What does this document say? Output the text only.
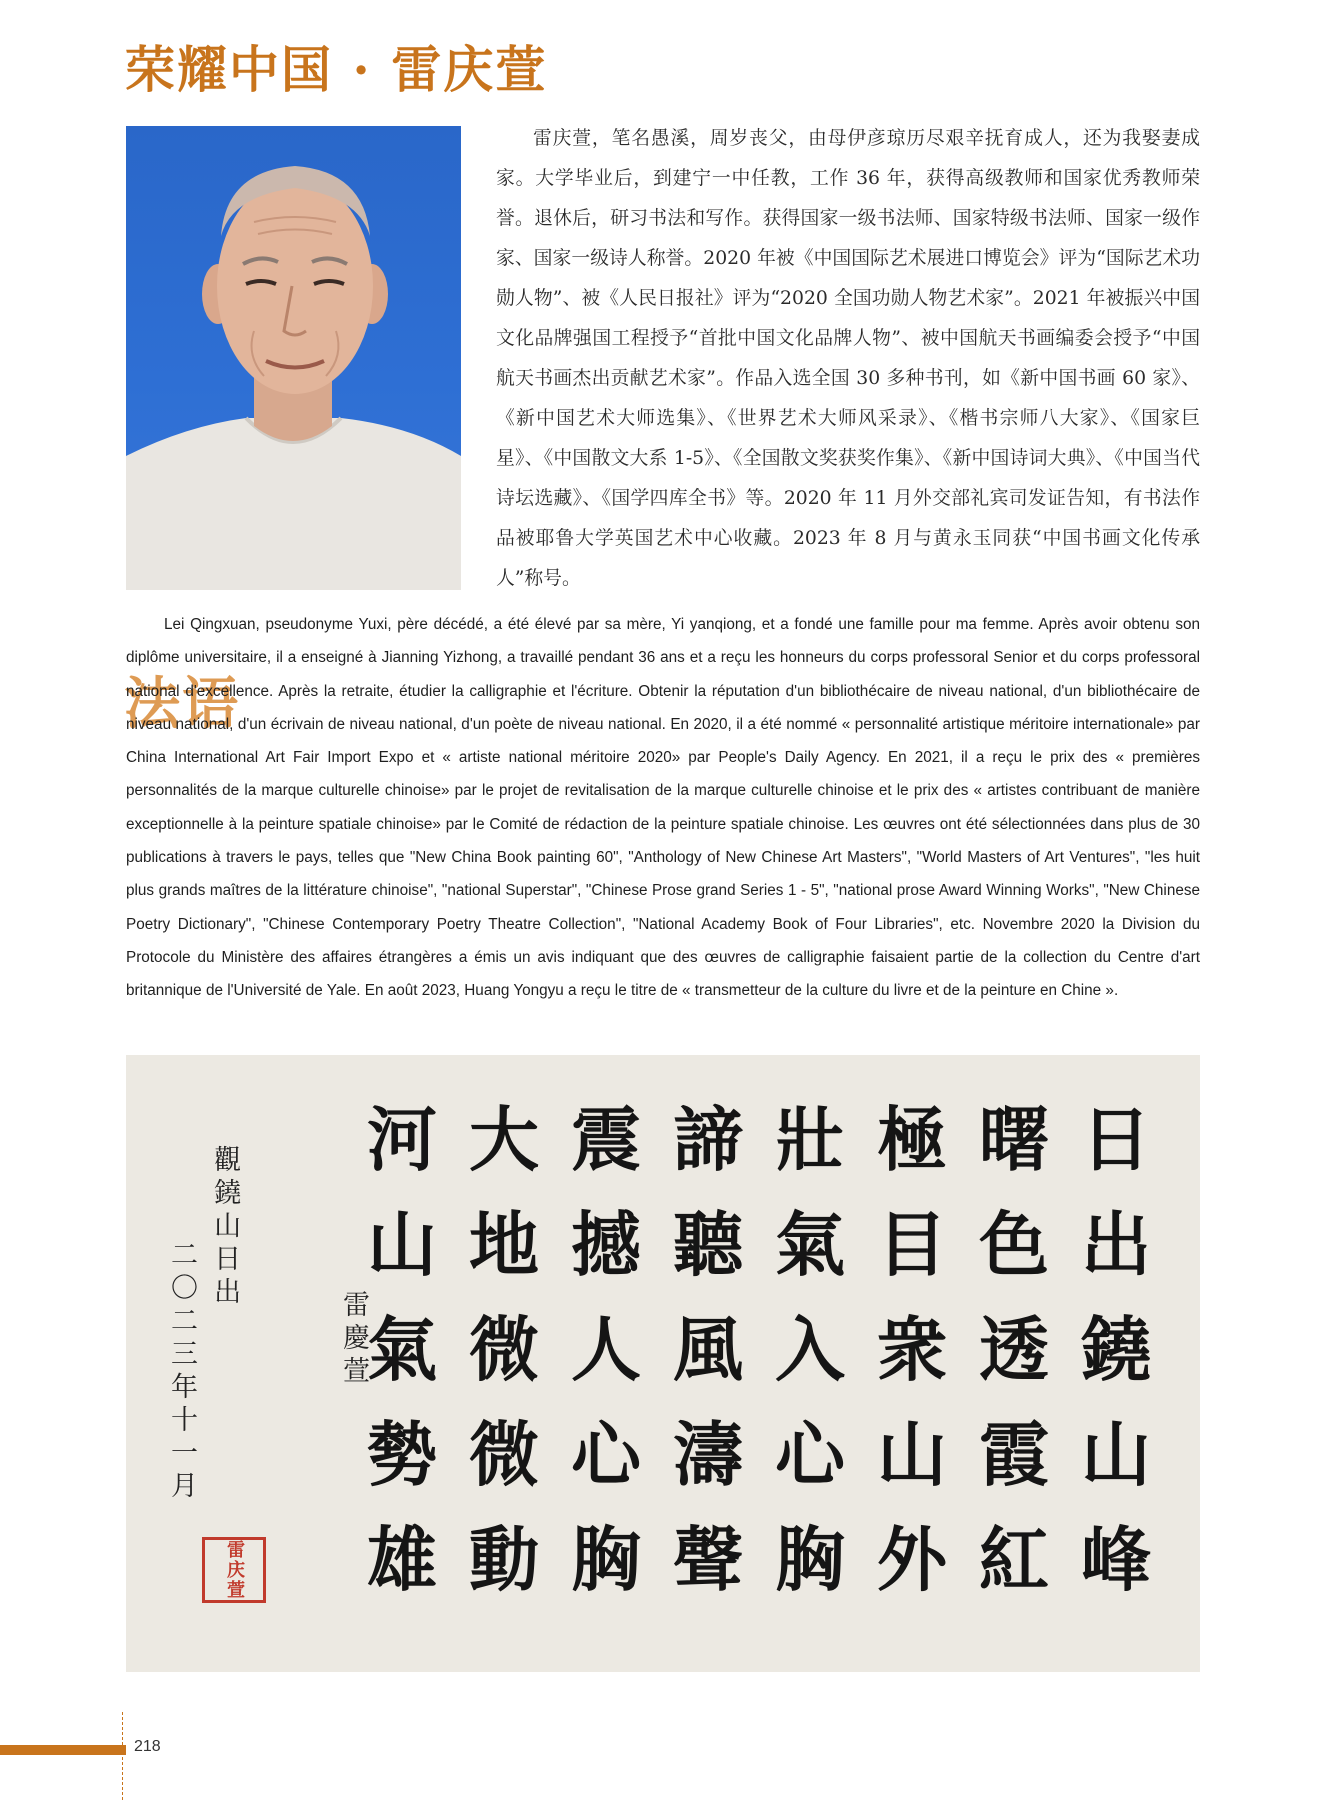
荣耀中国 · 雷庆萱

雷庆萱，笔名愚溪，周岁丧父，由母伊彦琼历尽艰辛抚育成人，还为我娶妻成家。大学毕业后，到建宁一中任教，工作 36 年，获得高级教师和国家优秀教师荣誉。退休后，研习书法和写作。获得国家一级书法师、国家特级书法师、国家一级作家、国家一级诗人称誉。2020 年被《中国国际艺术展进口博览会》评为“国际艺术功勋人物”、被《人民日报社》评为“2020 全国功勋人物艺术家”。2021 年被振兴中国文化品牌强国工程授予“首批中国文化品牌人物”、被中国航天书画编委会授予“中国航天书画杰出贡献艺术家”。作品入选全国 30 多种书刊，如《新中国书画 60 家》、《新中国艺术大师选集》、《世界艺术大师风采录》、《楷书宗师八大家》、《国家巨星》、《中国散文大系 1-5》、《全国散文奖获奖作集》、《新中国诗词大典》、《中国当代诗坛选藏》、《国学四库全书》等。2020 年 11 月外交部礼宾司发证告知，有书法作品被耶鲁大学英国艺术中心收藏。2023 年 8 月与黄永玉同获“中国书画文化传承人”称号。

法语

Lei Qingxuan, pseudonyme Yuxi, père décédé, a été élevé par sa mère, Yi yanqiong, et a fondé une famille pour ma femme. Après avoir obtenu son diplôme universitaire, il a enseigné à Jianning Yizhong, a travaillé pendant 36 ans et a reçu les honneurs du corps professoral Senior et du corps professoral national d'excellence. Après la retraite, étudier la calligraphie et l'écriture. Obtenir la réputation d'un bibliothécaire de niveau national, d'un bibliothécaire de niveau national, d'un écrivain de niveau national, d'un poète de niveau national. En 2020, il a été nommé « personnalité artistique méritoire internationale» par China International Art Fair Import Expo et « artiste national méritoire 2020» par People's Daily Agency. En 2021, il a reçu le prix des « premières personnalités de la marque culturelle chinoise» par le projet de revitalisation de la marque culturelle chinoise et le prix des « artistes contribuant de manière exceptionnelle à la peinture spatiale chinoise» par le Comité de rédaction de la peinture spatiale chinoise. Les œuvres ont été sélectionnées dans plus de 30 publications à travers le pays, telles que "New China Book painting 60", "Anthology of New Chinese Art Masters", "World Masters of Art Ventures", "les huit plus grands maîtres de la littérature chinoise", "national Superstar", "Chinese Prose grand Series 1 - 5", "national prose Award Winning Works", "New Chinese Poetry Dictionary", "Chinese Contemporary Poetry Theatre Collection", "National Academy Book of Four Libraries", etc. Novembre 2020 la Division du Protocole du Ministère des affaires étrangères a émis un avis indiquant que des œuvres de calligraphie faisaient partie de la collection du Centre d'art britannique de l'Université de Yale. En août 2023, Huang Yongyu a reçu le titre de « transmetteur de la culture du livre et de la peinture en Chine ».

日
出
鐃
山
峰
曙
色
透
霞
紅
極
目
衆
山
外
壯
氣
入
心
胸
諦
聽
風
濤
聲
震
撼
人
心
胸
大
地
微
微
動
河
山
氣
勢
雄
觀鐃山日出
二〇二三年十一月	雷慶萱
雷庆萱
218
